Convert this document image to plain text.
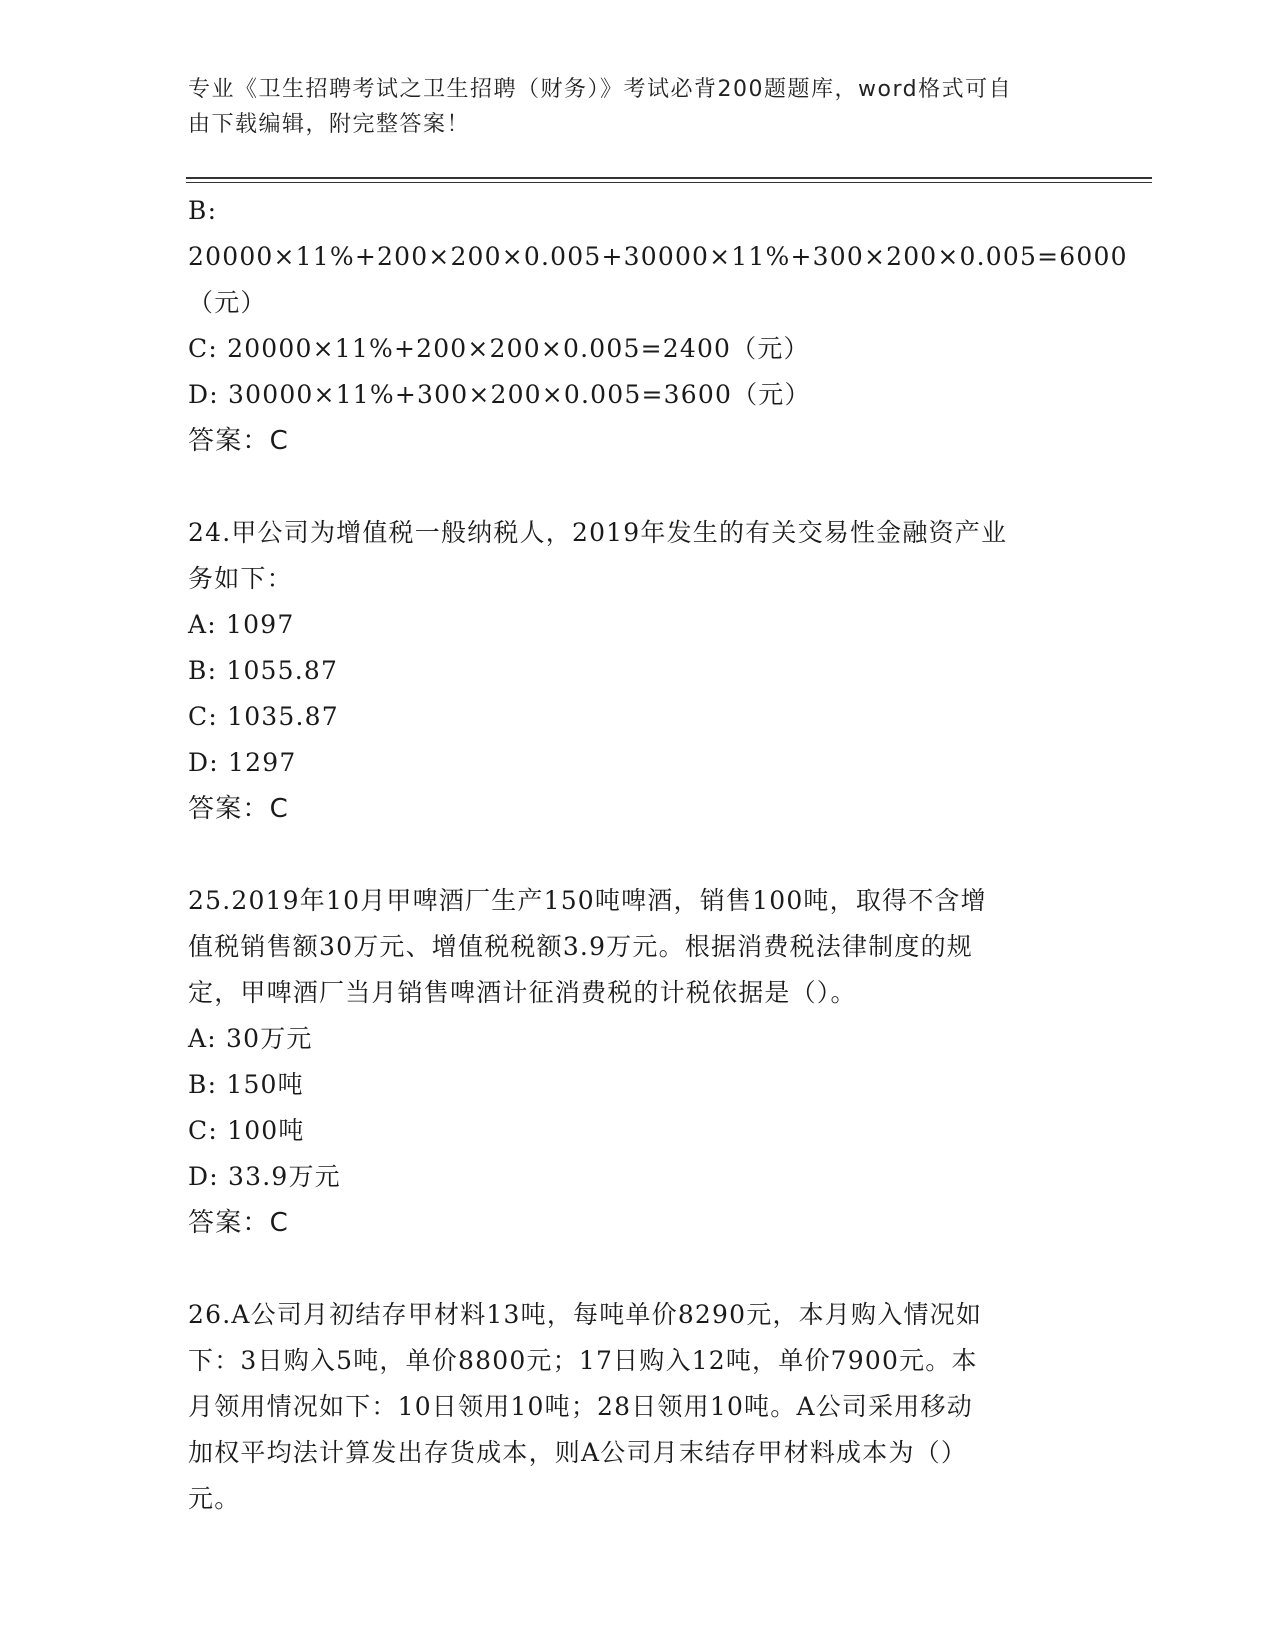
专业《卫生招聘考试之卫生招聘（财务）》考试必背200题题库，word格式可自
由下载编辑，附完整答案！

B: 20000×11%+200×200×0.005+30000×11%+300×200×0.005=6000

（元）

C: 20000×11%+200×200×0.005=2400（元）

D: 30000×11%+300×200×0.005=3600（元）

答案：C

24.甲公司为增值税一般纳税人，2019年发生的有关交易性金融资产业

务如下：

A: 1097

B: 1055.87

C: 1035.87

D: 1297

答案：C

25.2019年10月甲啤酒厂生产150吨啤酒，销售100吨，取得不含增

值税销售额30万元、增值税税额3.9万元。根据消费税法律制度的规

定，甲啤酒厂当月销售啤酒计征消费税的计税依据是（）。

A: 30万元

B: 150吨

C: 100吨

D: 33.9万元

答案：C

26.A公司月初结存甲材料13吨，每吨单价8290元，本月购入情况如

下：3日购入5吨，单价8800元；17日购入12吨，单价7900元。本

月领用情况如下：10日领用10吨；28日领用10吨。A公司采用移动

加权平均法计算发出存货成本，则A公司月末结存甲材料成本为（）

元。
